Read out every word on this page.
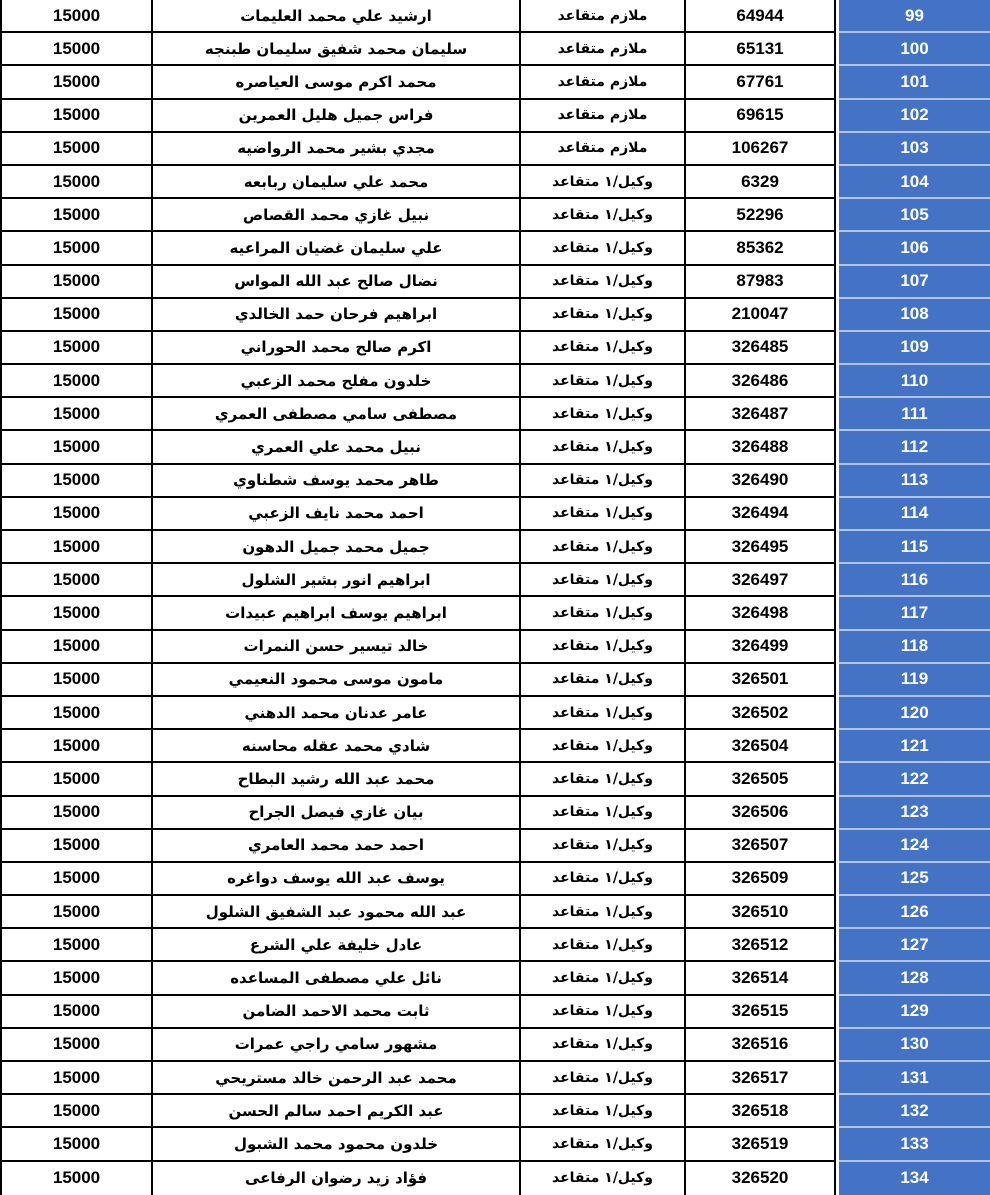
15000	ارشيد علي محمد العليمات	ملازم متقاعد	64944	99
15000	سليمان محمد شفيق سليمان طبنجه	ملازم متقاعد	65131	100
15000	محمد اكرم موسى العياصره	ملازم متقاعد	67761	101
15000	فراس جميل هليل العمرين	ملازم متقاعد	69615	102
15000	مجدي بشير محمد الرواضيه	ملازم متقاعد	106267	103
15000	محمد علي سليمان ربابعه	وكيل/١ متقاعد	6329	104
15000	نبيل غازي محمد القصاص	وكيل/١ متقاعد	52296	105
15000	علي سليمان غضيان المراعيه	وكيل/١ متقاعد	85362	106
15000	نضال صالح عبد الله المواس	وكيل/١ متقاعد	87983	107
15000	ابراهيم فرحان حمد الخالدي	وكيل/١ متقاعد	210047	108
15000	اكرم صالح محمد الحوراني	وكيل/١ متقاعد	326485	109
15000	خلدون مفلح محمد الزعبي	وكيل/١ متقاعد	326486	110
15000	مصطفى سامي مصطفى العمري	وكيل/١ متقاعد	326487	111
15000	نبيل محمد علي العمري	وكيل/١ متقاعد	326488	112
15000	طاهر محمد يوسف شطناوي	وكيل/١ متقاعد	326490	113
15000	احمد محمد نايف الزعبي	وكيل/١ متقاعد	326494	114
15000	جميل محمد جميل الدهون	وكيل/١ متقاعد	326495	115
15000	ابراهيم انور بشير الشلول	وكيل/١ متقاعد	326497	116
15000	ابراهيم يوسف ابراهيم عبيدات	وكيل/١ متقاعد	326498	117
15000	خالد تيسير حسن النمرات	وكيل/١ متقاعد	326499	118
15000	مامون موسى محمود النعيمي	وكيل/١ متقاعد	326501	119
15000	عامر عدنان محمد الدهني	وكيل/١ متقاعد	326502	120
15000	شادي محمد عقله محاسنه	وكيل/١ متقاعد	326504	121
15000	محمد عبد الله رشيد البطاح	وكيل/١ متقاعد	326505	122
15000	بيان غازي فيصل الجراح	وكيل/١ متقاعد	326506	123
15000	احمد حمد محمد العامري	وكيل/١ متقاعد	326507	124
15000	يوسف عبد الله يوسف دواغره	وكيل/١ متقاعد	326509	125
15000	عبد الله محمود عبد الشفيق الشلول	وكيل/١ متقاعد	326510	126
15000	عادل خليفة علي الشرع	وكيل/١ متقاعد	326512	127
15000	نائل علي مصطفى المساعده	وكيل/١ متقاعد	326514	128
15000	ثابت محمد الاحمد الضامن	وكيل/١ متقاعد	326515	129
15000	مشهور سامي راجي عمرات	وكيل/١ متقاعد	326516	130
15000	محمد عبد الرحمن خالد مستريحي	وكيل/١ متقاعد	326517	131
15000	عبد الكريم احمد سالم الحسن	وكيل/١ متقاعد	326518	132
15000	خلدون محمود محمد الشبول	وكيل/١ متقاعد	326519	133
15000	فؤاد زيد رضوان الرفاعى	وكيل/١ متقاعد	326520	134
